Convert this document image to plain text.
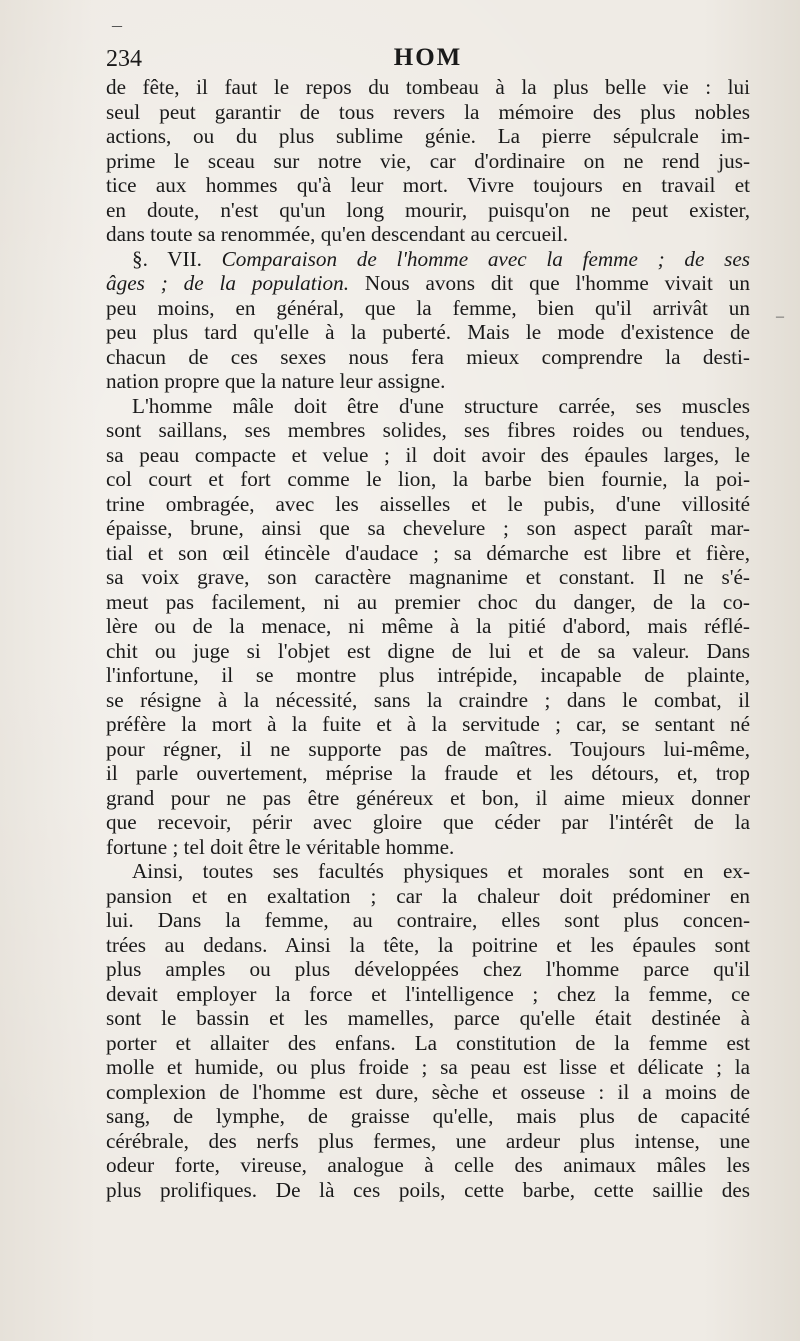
–
–
234	HOM
de fête, il faut le repos du tombeau à la plus belle vie : lui
seul peut garantir de tous revers la mémoire des plus nobles
actions, ou du plus sublime génie. La pierre sépulcrale im-
prime le sceau sur notre vie, car d'ordinaire on ne rend jus-
tice aux hommes qu'à leur mort. Vivre toujours en travail et
en doute, n'est qu'un long mourir, puisqu'on ne peut exister,
dans toute sa renommée, qu'en descendant au cercueil.
§. VII. Comparaison de l'homme avec la femme ; de ses
âges ; de la population. Nous avons dit que l'homme vivait un
peu moins, en général, que la femme, bien qu'il arrivât un
peu plus tard qu'elle à la puberté. Mais le mode d'existence de
chacun de ces sexes nous fera mieux comprendre la desti-
nation propre que la nature leur assigne.
L'homme mâle doit être d'une structure carrée, ses muscles
sont saillans, ses membres solides, ses fibres roides ou tendues,
sa peau compacte et velue ; il doit avoir des épaules larges, le
col court et fort comme le lion, la barbe bien fournie, la poi-
trine ombragée, avec les aisselles et le pubis, d'une villosité
épaisse, brune, ainsi que sa chevelure ; son aspect paraît mar-
tial et son œil étincèle d'audace ; sa démarche est libre et fière,
sa voix grave, son caractère magnanime et constant. Il ne s'é-
meut pas facilement, ni au premier choc du danger, de la co-
lère ou de la menace, ni même à la pitié d'abord, mais réflé-
chit ou juge si l'objet est digne de lui et de sa valeur. Dans
l'infortune, il se montre plus intrépide, incapable de plainte,
se résigne à la nécessité, sans la craindre ; dans le combat, il
préfère la mort à la fuite et à la servitude ; car, se sentant né
pour régner, il ne supporte pas de maîtres. Toujours lui-même,
il parle ouvertement, méprise la fraude et les détours, et, trop
grand pour ne pas être généreux et bon, il aime mieux donner
que recevoir, périr avec gloire que céder par l'intérêt de la
fortune ; tel doit être le véritable homme.
Ainsi, toutes ses facultés physiques et morales sont en ex-
pansion et en exaltation ; car la chaleur doit prédominer en
lui. Dans la femme, au contraire, elles sont plus concen-
trées au dedans. Ainsi la tête, la poitrine et les épaules sont
plus amples ou plus développées chez l'homme parce qu'il
devait employer la force et l'intelligence ; chez la femme, ce
sont le bassin et les mamelles, parce qu'elle était destinée à
porter et allaiter des enfans. La constitution de la femme est
molle et humide, ou plus froide ; sa peau est lisse et délicate ; la
complexion de l'homme est dure, sèche et osseuse : il a moins de
sang, de lymphe, de graisse qu'elle, mais plus de capacité
cérébrale, des nerfs plus fermes, une ardeur plus intense, une
odeur forte, vireuse, analogue à celle des animaux mâles les
plus prolifiques. De là ces poils, cette barbe, cette saillie des
